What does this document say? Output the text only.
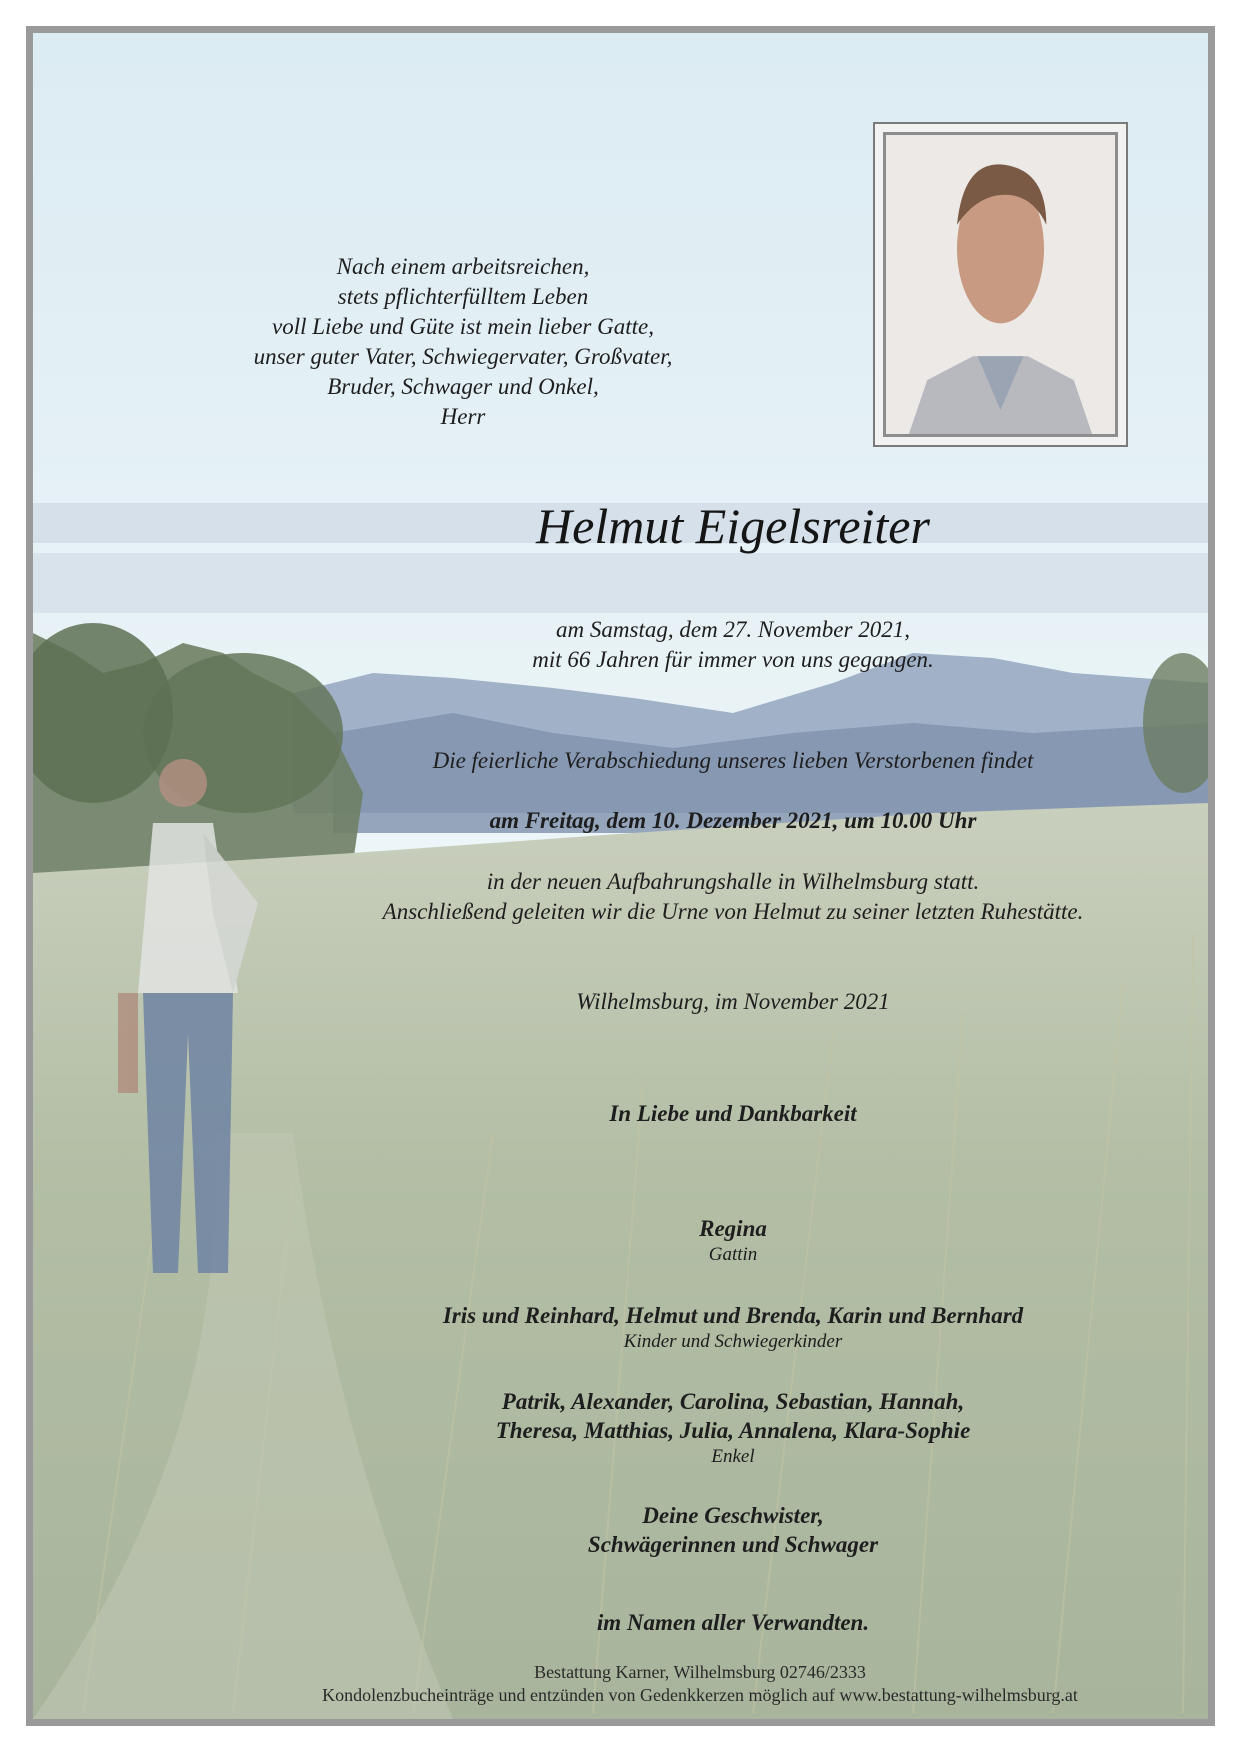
Nach einem arbeitsreichen,
stets pflichterfülltem Leben
voll Liebe und Güte ist mein lieber Gatte,
unser guter Vater, Schwiegervater, Großvater,
Bruder, Schwager und Onkel,
Herr
Helmut Eigelsreiter
am Samstag, dem 27. November 2021,
mit 66 Jahren für immer von uns gegangen.
Die feierliche Verabschiedung unseres lieben Verstorbenen findet
am Freitag, dem 10. Dezember 2021, um 10.00 Uhr
in der neuen Aufbahrungshalle in Wilhelmsburg statt.
Anschließend geleiten wir die Urne von Helmut zu seiner letzten Ruhestätte.
Wilhelmsburg, im November 2021
In Liebe und Dankbarkeit
Regina
Gattin
Iris und Reinhard, Helmut und Brenda, Karin und Bernhard
Kinder und Schwiegerkinder
Patrik, Alexander, Carolina, Sebastian, Hannah,
Theresa, Matthias, Julia, Annalena, Klara-Sophie
Enkel
Deine Geschwister,
Schwägerinnen und Schwager
im Namen aller Verwandten.
Bestattung Karner, Wilhelmsburg 02746/2333
Kondolenzbucheinträge und entzünden von Gedenkkerzen möglich auf www.bestattung-wilhelmsburg.at
